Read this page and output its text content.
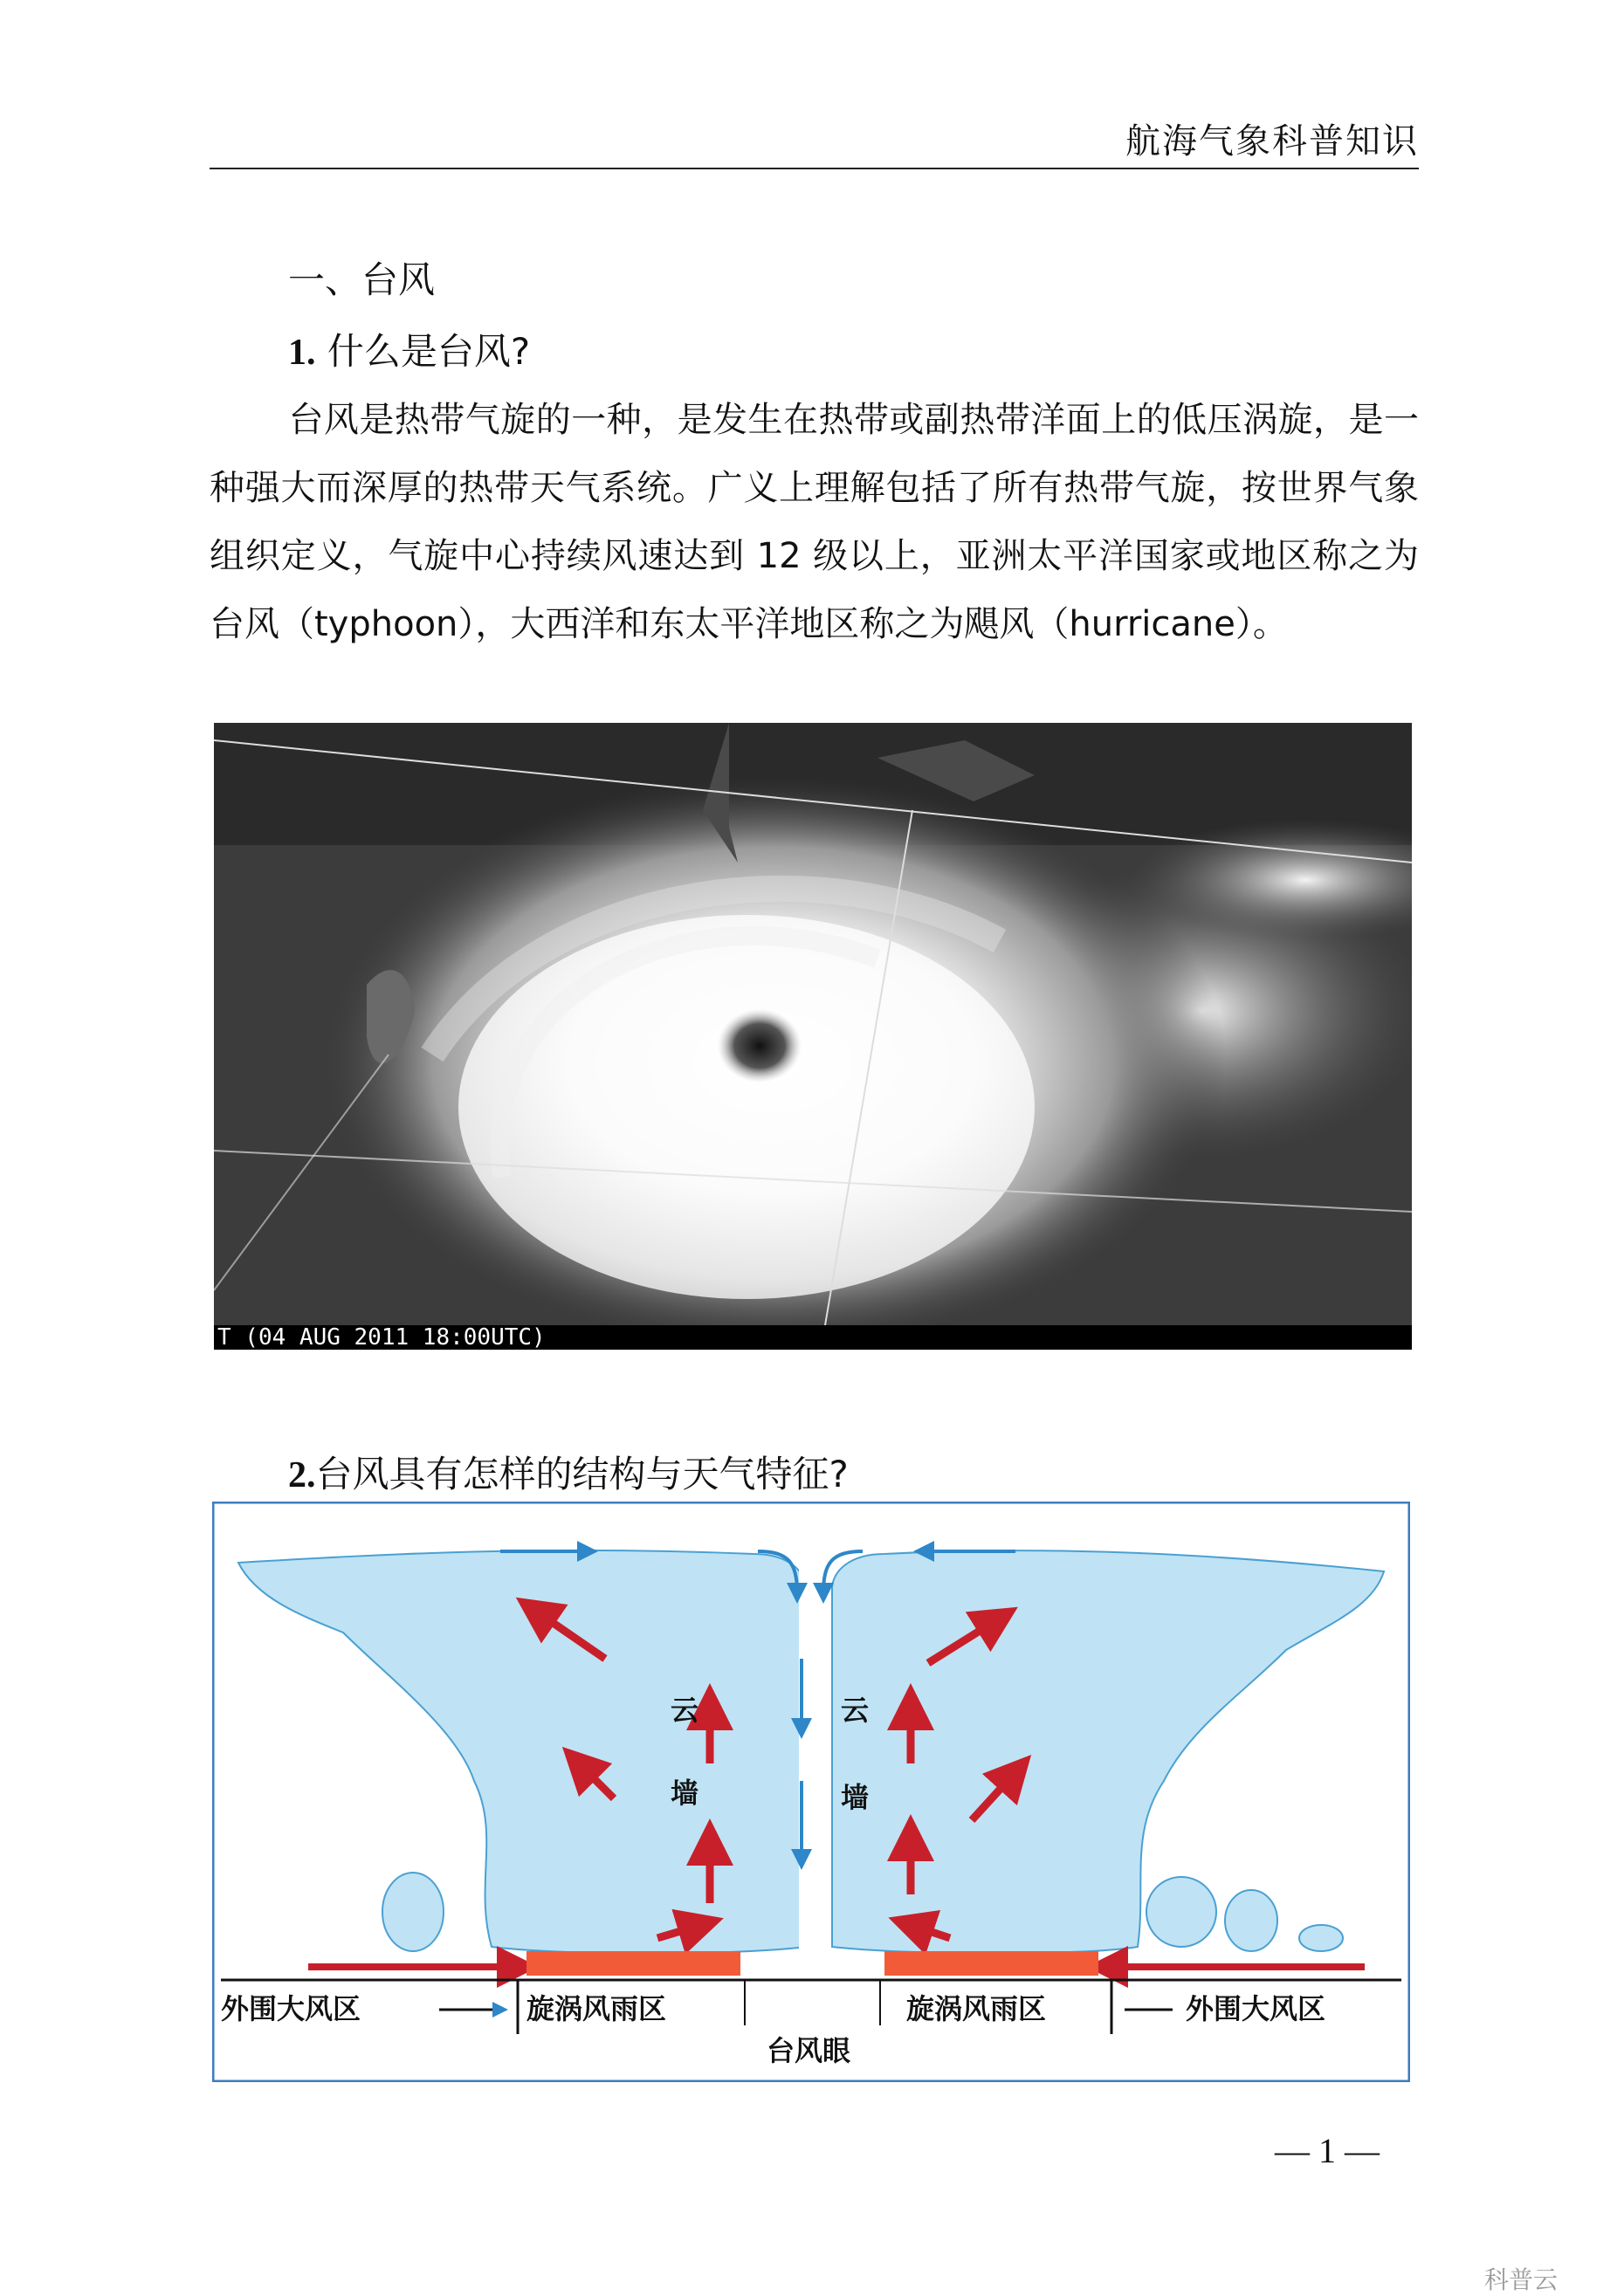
航海气象科普知识
一、台风
1. 什么是台风?
台风是热带气旋的一种，是发生在热带或副热带洋面上的低压涡旋，是一种强大而深厚的热带天气系统。广义上理解包括了所有热带气旋，按世界气象组织定义，气旋中心持续风速达到 12 级以上，亚洲太平洋国家或地区称之为台风（typhoon），大西洋和东太平洋地区称之为飓风（hurricane）。
T (04 AUG 2011 18:00UTC)
2.台风具有怎样的结构与天气特征?
云
墙
云
墙
外围大风区	旋涡风雨区	旋涡风雨区	外围大风区
台风眼
— 1 —
科普云
